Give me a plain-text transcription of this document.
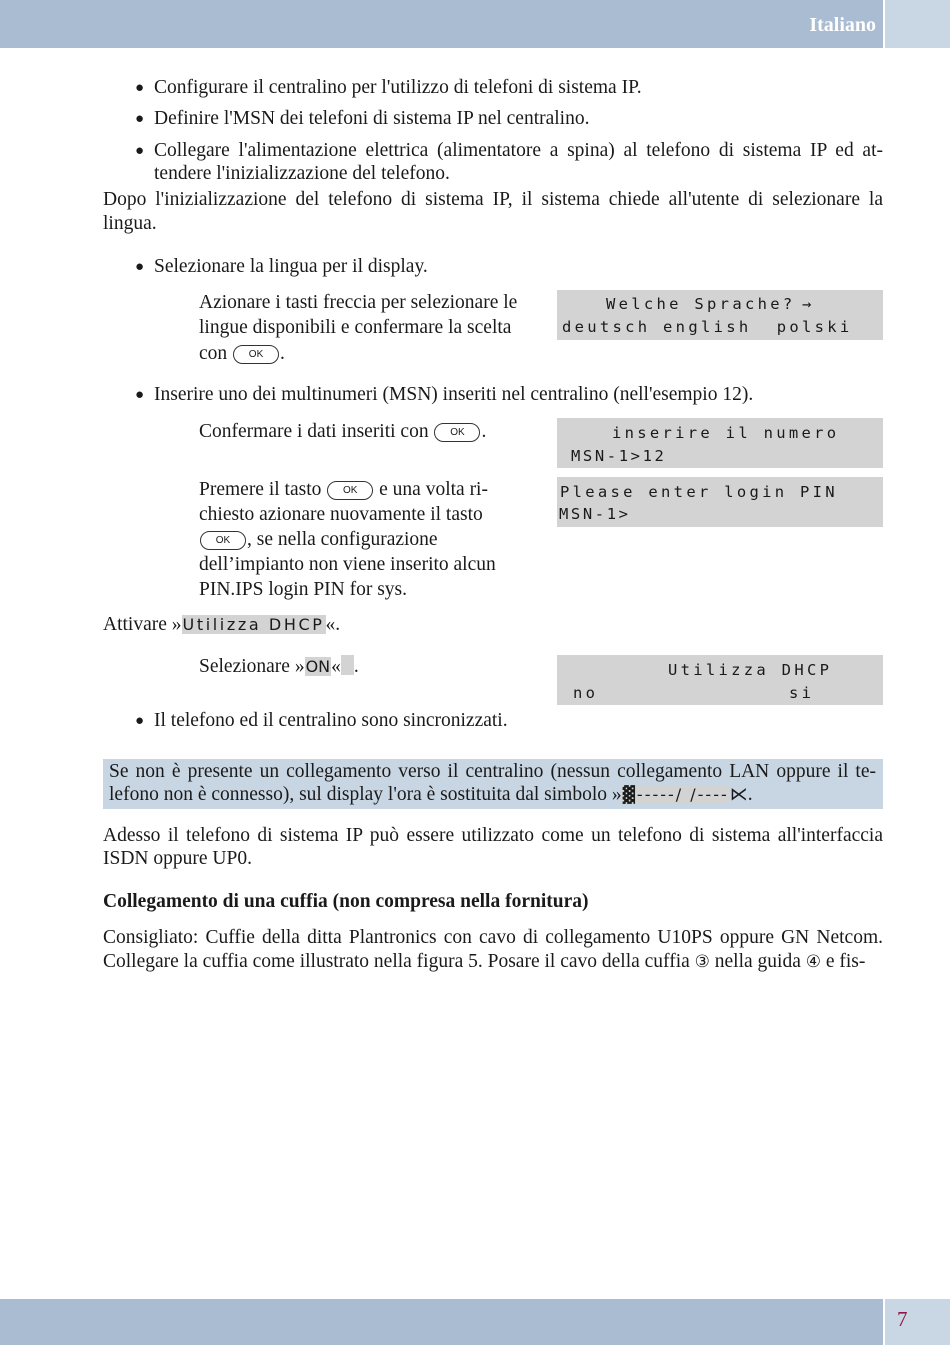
Italiano
7
● Configurare il centralino per l'utilizzo di telefoni di sistema IP.
● Definire l'MSN dei telefoni di sistema IP nel centralino.
● Collegare l'alimentazione elettrica (alimentatore a spina) al telefono di sistema IP ed at-
tendere l'inizializzazione del telefono.
Dopo l'inizializzazione del telefono di sistema IP, il sistema chiede all'utente di selezionare la
lingua.
● Selezionare la lingua per il display.
Azionare i tasti freccia per selezionare le
lingue disponibili e confermare la scelta
con OK .
Welche Sprache? →
deutsch english  polski
● Inserire uno dei multinumeri (MSN) inseriti nel centralino (nell'esempio 12).
Confermare i dati inseriti con OK .	inserire il numero
MSN-1>12
Premere il tasto OK e una volta ri-
chiesto azionare nuovamente il tasto
OK , se nella configurazione
dell’impianto non viene inserito alcun
PIN.IPS login PIN for sys.
Please enter login PIN
MSN-1>
Attivare »Utilizza DHCP«.
Selezionare »ON« .	Utilizza DHCP
no	si
● Il telefono ed il centralino sono sincronizzati.
Se non è presente un collegamento verso il centralino (nessun collegamento LAN oppure il te-
lefono non è connesso), sul display l'ora è sostituita dal simbolo »▓-----/ /----⋉.
Adesso il telefono di sistema IP può essere utilizzato come un telefono di sistema all'interfaccia
ISDN oppure UP0.
Collegamento di una cuffia (non compresa nella fornitura)
Consigliato: Cuffie della ditta Plantronics con cavo di collegamento U10PS oppure GN Netcom.
Collegare la cuffia come illustrato nella figura 5. Posare il cavo della cuffia ③ nella guida ④ e fis-
